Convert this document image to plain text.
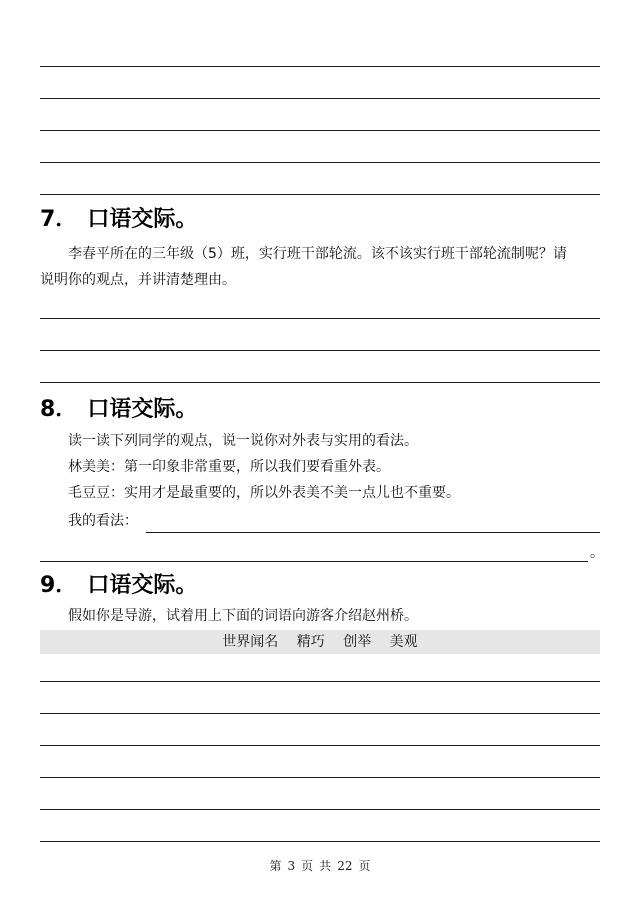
7． 口语交际。
李春平所在的三年级（5）班，实行班干部轮流。该不该实行班干部轮流制呢？请
说明你的观点，并讲清楚理由。
8． 口语交际。
读一读下列同学的观点，说一说你对外表与实用的看法。
林美美：第一印象非常重要，所以我们要看重外表。
毛豆豆：实用才是最重要的，所以外表美不美一点儿也不重要。
我的看法：
。
9． 口语交际。
假如你是导游，试着用上下面的词语向游客介绍赵州桥。
世界闻名 精巧 创举 美观
第 3 页 共 22 页
